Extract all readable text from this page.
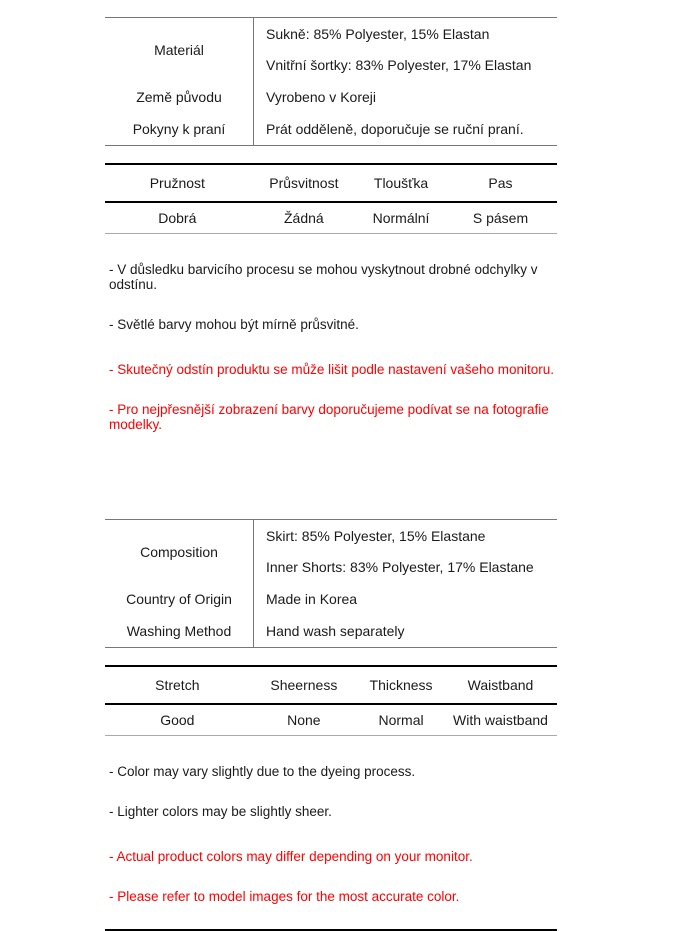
Materiál	Sukně: 85% Polyester, 15% Elastan
Vnitřní šortky: 83% Polyester, 17% Elastan

Země původu	Vyrobeno v Koreji
Pokyny k praní	Prát odděleně, doporučuje se ruční praní.
Pružnost	Průsvitnost	Tloušťka	Pas
Dobrá	Žádná	Normální	S pásem
- V důsledku barvicího procesu se mohou vyskytnout drobné odchylky v odstínu.
- Světlé barvy mohou být mírně průsvitné.
- Skutečný odstín produktu se může lišit podle nastavení vašeho monitoru.
- Pro nejpřesnější zobrazení barvy doporučujeme podívat se na fotografie modelky.
Composition	Skirt: 85% Polyester, 15% Elastane
Inner Shorts: 83% Polyester, 17% Elastane

Country of Origin	Made in Korea
Washing Method	Hand wash separately
Stretch	Sheerness	Thickness	Waistband
Good	None	Normal	With waistband
- Color may vary slightly due to the dyeing process.
- Lighter colors may be slightly sheer.
- Actual product colors may differ depending on your monitor.
- Please refer to model images for the most accurate color.
